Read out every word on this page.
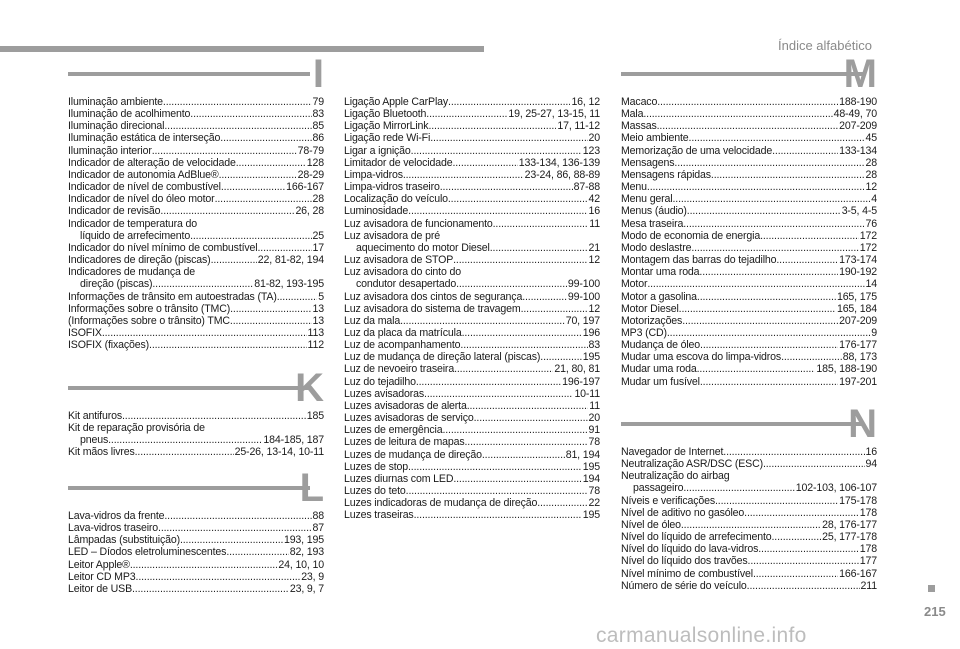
Índice alfabético
I
Iluminação ambiente .....	79
Iluminação de acolhimento .....	83
Iluminação direcional .....	85
Iluminação estática de interseção .....	86
Iluminação interior .....	78-79
Indicador de alteração de velocidade .....	128
Indicador de autonomia AdBlue® .....	28-29
Indicador de nível de combustível .....	166-167
Indicador de nível do óleo motor .....	28
Indicador de revisão .....	26, 28
Indicador de temperatura do
líquido de arrefecimento .....	25
Indicador do nível mínimo de combustível .....	17
Indicadores de direção (piscas) .....	22, 81-82, 194
Indicadores de mudança de
direção (piscas) .....	81-82, 193-195
Informações de trânsito em autoestradas (TA) .....	5
Informações sobre o trânsito (TMC) .....	13
(Informações sobre o trânsito) TMC .....	13
ISOFIX .....	113
ISOFIX (fixações) .....	112
K
Kit antifuros .....	185
Kit de reparação provisória de
pneus .....	184-185, 187
Kit mãos livres .....	25-26, 13-14, 10-11
L
Lava-vidros da frente .....	88
Lava-vidros traseiro .....	87
Lâmpadas (substituição) .....	193, 195
LED – Díodos eletroluminescentes .....	82, 193
Leitor Apple® .....	24, 10, 10
Leitor CD MP3 .....	23, 9
Leitor de USB .....	23, 9, 7
Ligação Apple CarPlay .....	16, 12
Ligação Bluetooth .....	19, 25-27, 13-15, 11
Ligação MirrorLink .....	17, 11-12
Ligação rede Wi-Fi .....	20
Ligar a ignição .....	123
Limitador de velocidade .....	133-134, 136-139
Limpa-vidros .....	23-24, 86, 88-89
Limpa-vidros traseiro .....	87-88
Localização do veículo .....	42
Luminosidade .....	16
Luz avisadora de funcionamento .....	11
Luz avisadora de pré
aquecimento do motor Diesel .....	21
Luz avisadora de STOP .....	12
Luz avisadora do cinto do
condutor desapertado .....	99-100
Luz avisadora dos cintos de segurança .....	99-100
Luz avisadora do sistema de travagem .....	12
Luz da mala .....	70, 197
Luz da placa da matrícula .....	196
Luz de acompanhamento .....	83
Luz de mudança de direção lateral (piscas) .....	195
Luz de nevoeiro traseira .....	21, 80, 81
Luz do tejadilho .....	196-197
Luzes avisadoras .....	10-11
Luzes avisadoras de alerta .....	11
Luzes avisadoras de serviço .....	20
Luzes de emergência .....	91
Luzes de leitura de mapas .....	78
Luzes de mudança de direção .....	81, 194
Luzes de stop .....	195
Luzes diurnas com LED .....	194
Luzes do teto .....	78
Luzes indicadoras de mudança de direção .....	22
Luzes traseiras .....	195
M
Macaco .....	188-190
Mala .....	48-49, 70
Massas .....	207-209
Meio ambiente .....	45
Memorização de uma velocidade .....	133-134
Mensagens .....	28
Mensagens rápidas .....	28
Menu .....	12
Menu geral .....	4
Menus (áudio) .....	3-5, 4-5
Mesa traseira .....	76
Modo de economia de energia .....	172
Modo deslastre .....	172
Montagem das barras do tejadilho .....	173-174
Montar uma roda .....	190-192
Motor .....	14
Motor a gasolina .....	165, 175
Motor Diesel .....	165, 184
Motorizações .....	207-209
MP3 (CD) .....	9
Mudança de óleo .....	176-177
Mudar uma escova do limpa-vidros .....	88, 173
Mudar uma roda .....	185, 188-190
Mudar um fusível .....	197-201
N
Navegador de Internet .....	16
Neutralização ASR/DSC (ESC) .....	94
Neutralização do airbag
passageiro .....	102-103, 106-107
Níveis e verificações .....	175-178
Nível de aditivo no gasóleo .....	178
Nível de óleo .....	28, 176-177
Nível do líquido de arrefecimento .....	25, 177-178
Nível do líquido do lava-vidros .....	178
Nível do líquido dos travões .....	177
Nível mínimo de combustível .....	166-167
Número de série do veículo .....	211
215
carmanualsonline.info
